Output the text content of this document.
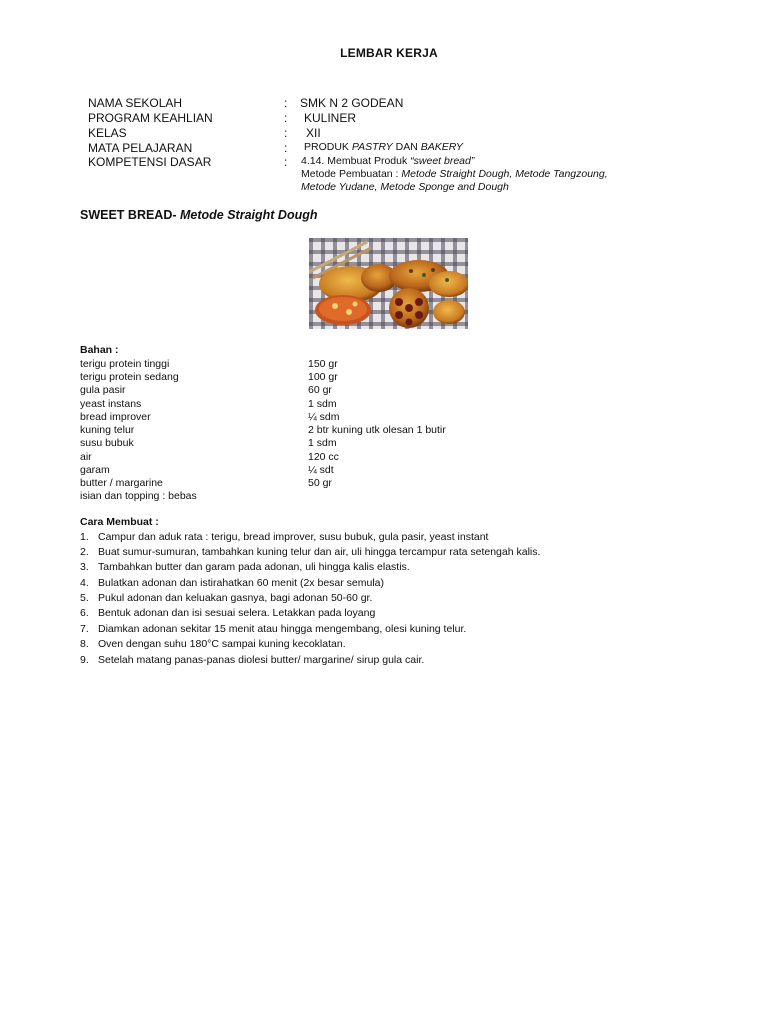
LEMBAR KERJA
NAMA SEKOLAH	: SMK N 2 GODEAN
PROGRAM KEAHLIAN	: KULINER
KELAS	: XII
MATA PELAJARAN	: PRODUK PASTRY DAN BAKERY
KOMPETENSI DASAR	: 4.14. Membuat Produk “sweet bread”
Metode Pembuatan : Metode Straight Dough, Metode Tangzoung,
Metode Yudane, Metode Sponge and Dough
SWEET BREAD- Metode Straight Dough
Bahan :
terigu protein tinggi	150 gr
terigu protein sedang	100 gr
gula pasir	60 gr
yeast instans	1 sdm
bread improver	¼ sdm
kuning telur	2 btr kuning utk olesan 1 butir
susu bubuk	1 sdm
air	120 cc
garam	¼ sdt
butter / margarine	50 gr
isian dan topping : bebas
Cara Membuat :
1. Campur dan aduk rata : terigu, bread improver, susu bubuk, gula pasir, yeast instant
2. Buat sumur-sumuran, tambahkan kuning telur dan air, uli hingga tercampur rata setengah kalis.
3. Tambahkan butter dan garam pada adonan, uli hingga kalis elastis.
4. Bulatkan adonan dan istirahatkan 60 menit (2x besar semula)
5. Pukul adonan dan keluakan gasnya, bagi adonan 50-60 gr.
6. Bentuk adonan dan isi sesuai selera. Letakkan pada loyang
7. Diamkan adonan sekitar 15 menit atau hingga mengembang, olesi kuning telur.
8. Oven dengan suhu 180°C sampai kuning kecoklatan.
9. Setelah matang panas-panas diolesi butter/ margarine/ sirup gula cair.
